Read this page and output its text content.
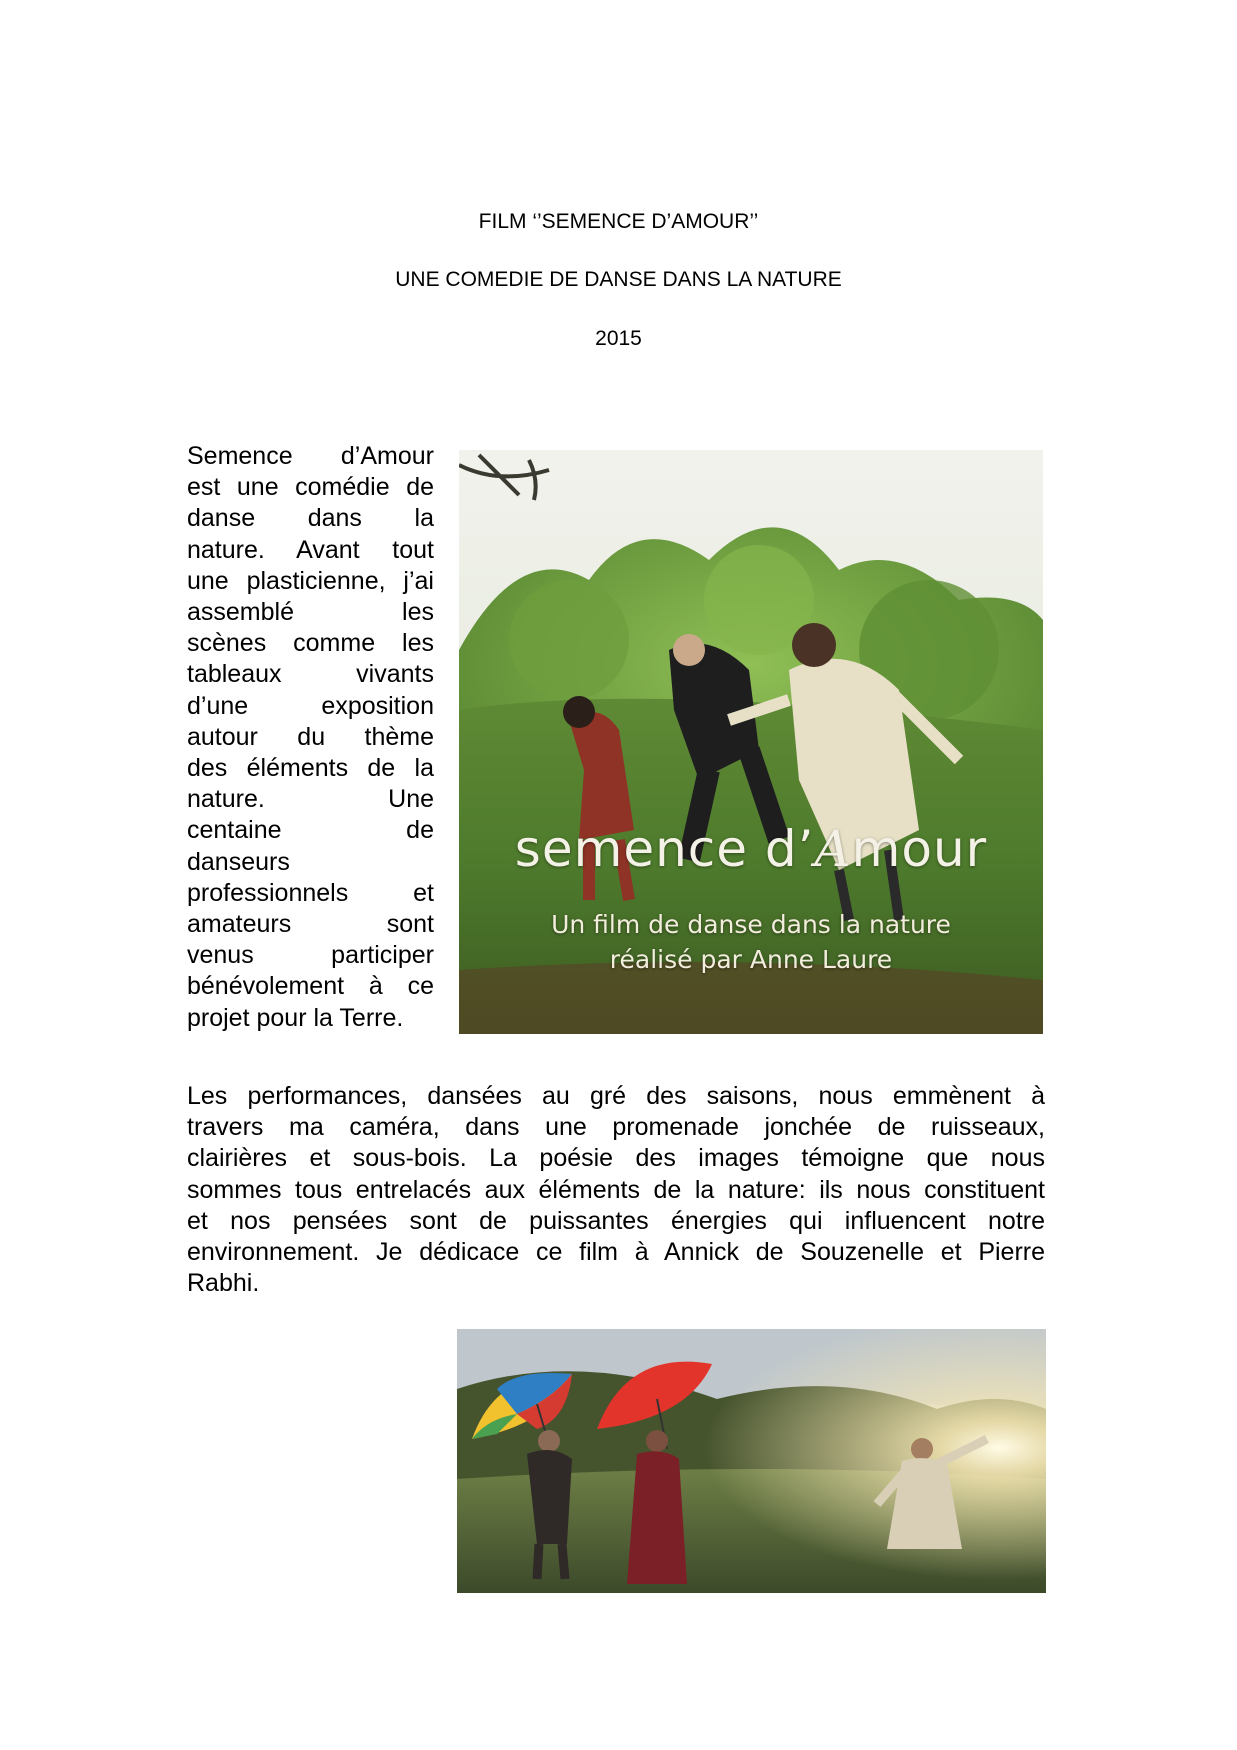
FILM ‘’SEMENCE D’AMOUR’’
UNE COMEDIE DE DANSE DANS LA NATURE
2015
Semence d’Amour
est une comédie de
danse dans la
nature. Avant tout
une plasticienne, j’ai
assemblé les
scènes comme les
tableaux vivants
d’une exposition
autour du thème
des éléments de la
nature. Une
centaine de
danseurs
professionnels et
amateurs sont
venus participer
bénévolement à ce
projet pour la Terre.
semence d’Amour
Un film de danse dans la nature
réalisé par Anne Laure
Les performances, dansées au gré des saisons, nous emmènent à
travers ma caméra, dans une promenade jonchée de ruisseaux,
clairières et sous-bois. La poésie des images témoigne que nous
sommes tous entrelacés aux éléments de la nature: ils nous constituent
et nos pensées sont de puissantes énergies qui influencent notre
environnement. Je dédicace ce film à Annick de Souzenelle et Pierre
Rabhi.
